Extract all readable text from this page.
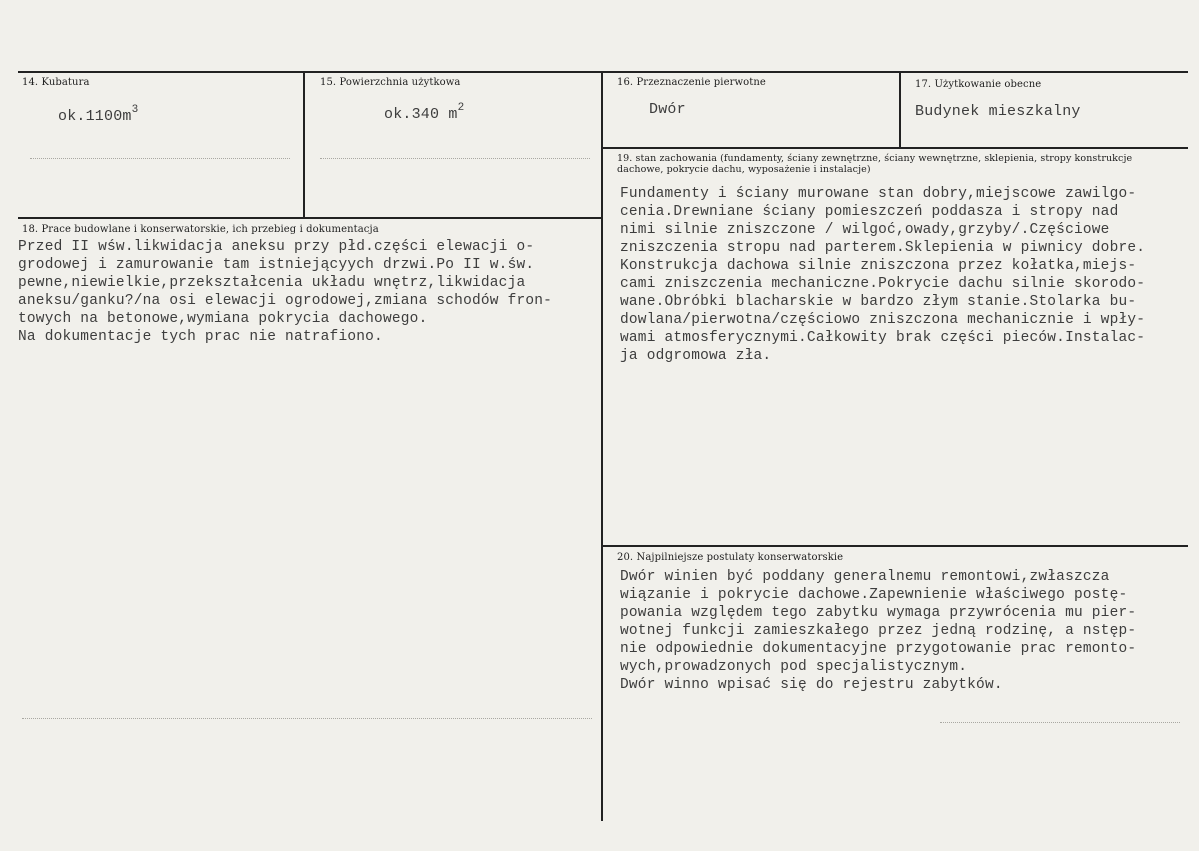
14. Kubatura
$ok.1100m^3$
15. Powierzchnia użytkowa
ok.340 $m^2$
16. Przeznaczenie pierwotne
Dwór
17. Użytkowanie obecne
Budynek mieszkalny
19. stan zachowania (fundamenty, ściany zewnętrzne, ściany wewnętrzne, sklepienia, stropy konstrukcje dachowe, pokrycie dachu, wyposażenie i instalacje)
Fundamenty i ściany murowane stan dobry,miejscowe zawilgo-
cenia.Drewniane ściany pomieszczeń poddasza i stropy nad
nimi silnie zniszczone / wilgoć,owady,grzyby/.Częściowe
zniszczenia stropu nad parterem.Sklepienia w piwnicy dobre.
Konstrukcja dachowa silnie zniszczona przez kołatka,miejs-
cami zniszczenia mechaniczne.Pokrycie dachu silnie skorodo-
wane.Obróbki blacharskie w bardzo złym stanie.Stolarka bu-
dowlana/pierwotna/częściowo zniszczona mechanicznie i wpły-
wami atmosferycznymi.Całkowity brak części pieców.Instalac-
ja odgromowa zła.
18. Prace budowlane i konserwatorskie, ich przebieg i dokumentacja
Przed II wśw.likwidacja aneksu przy płd.części elewacji o-
grodowej i zamurowanie tam istniejącyych drzwi.Po II w.św.
pewne,niewielkie,przekształcenia układu wnętrz,likwidacja
aneksu/ganku?/na osi elewacji ogrodowej,zmiana schodów fron-
towych na betonowe,wymiana pokrycia dachowego.
Na dokumentacje tych prac nie natrafiono.
20. Najpilniejsze postulaty konserwatorskie
Dwór winien być poddany generalnemu remontowi,zwłaszcza
wiązanie i pokrycie dachowe.Zapewnienie właściwego postę-
powania względem tego zabytku wymaga przywrócenia mu pier-
wotnej funkcji zamieszkałego przez jedną rodzinę, a nstęp-
nie odpowiednie dokumentacyjne przygotowanie prac remonto-
wych,prowadzonych pod specjalistycznym.
Dwór winno wpisać się do rejestru zabytków.
